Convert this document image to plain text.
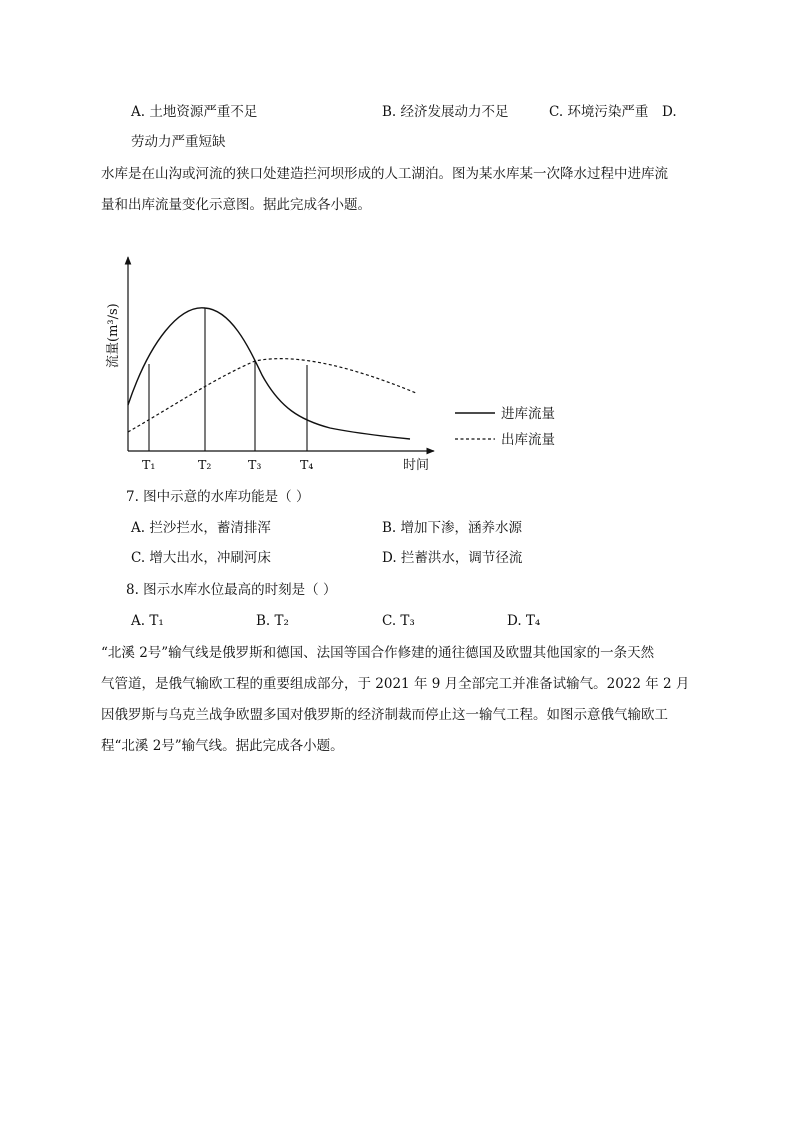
A. 土地资源严重不足	B. 经济发展动力不足	C. 环境污染严重 D.
劳动力严重短缺
水库是在山沟或河流的狭口处建造拦河坝形成的人工湖泊。图为某水库某一次降水过程中进库流
量和出库流量变化示意图。据此完成各小题。
流量(m³/s)
T₁	T₂	T₃	T₄	时间
进库流量
出库流量
7. 图中示意的水库功能是（ ）
A. 拦沙拦水，蓄清排浑	B. 增加下渗，涵养水源
C. 增大出水，冲刷河床	D. 拦蓄洪水，调节径流
8. 图示水库水位最高的时刻是（ ）
A. T₁	B. T₂	C. T₃	D. T₄
“北溪 2号”输气线是俄罗斯和德国、法国等国合作修建的通往德国及欧盟其他国家的一条天然
气管道，是俄气输欧工程的重要组成部分，于 2021 年 9 月全部完工并准备试输气。2022 年 2 月
因俄罗斯与乌克兰战争欧盟多国对俄罗斯的经济制裁而停止这一输气工程。如图示意俄气输欧工
程“北溪 2号”输气线。据此完成各小题。
